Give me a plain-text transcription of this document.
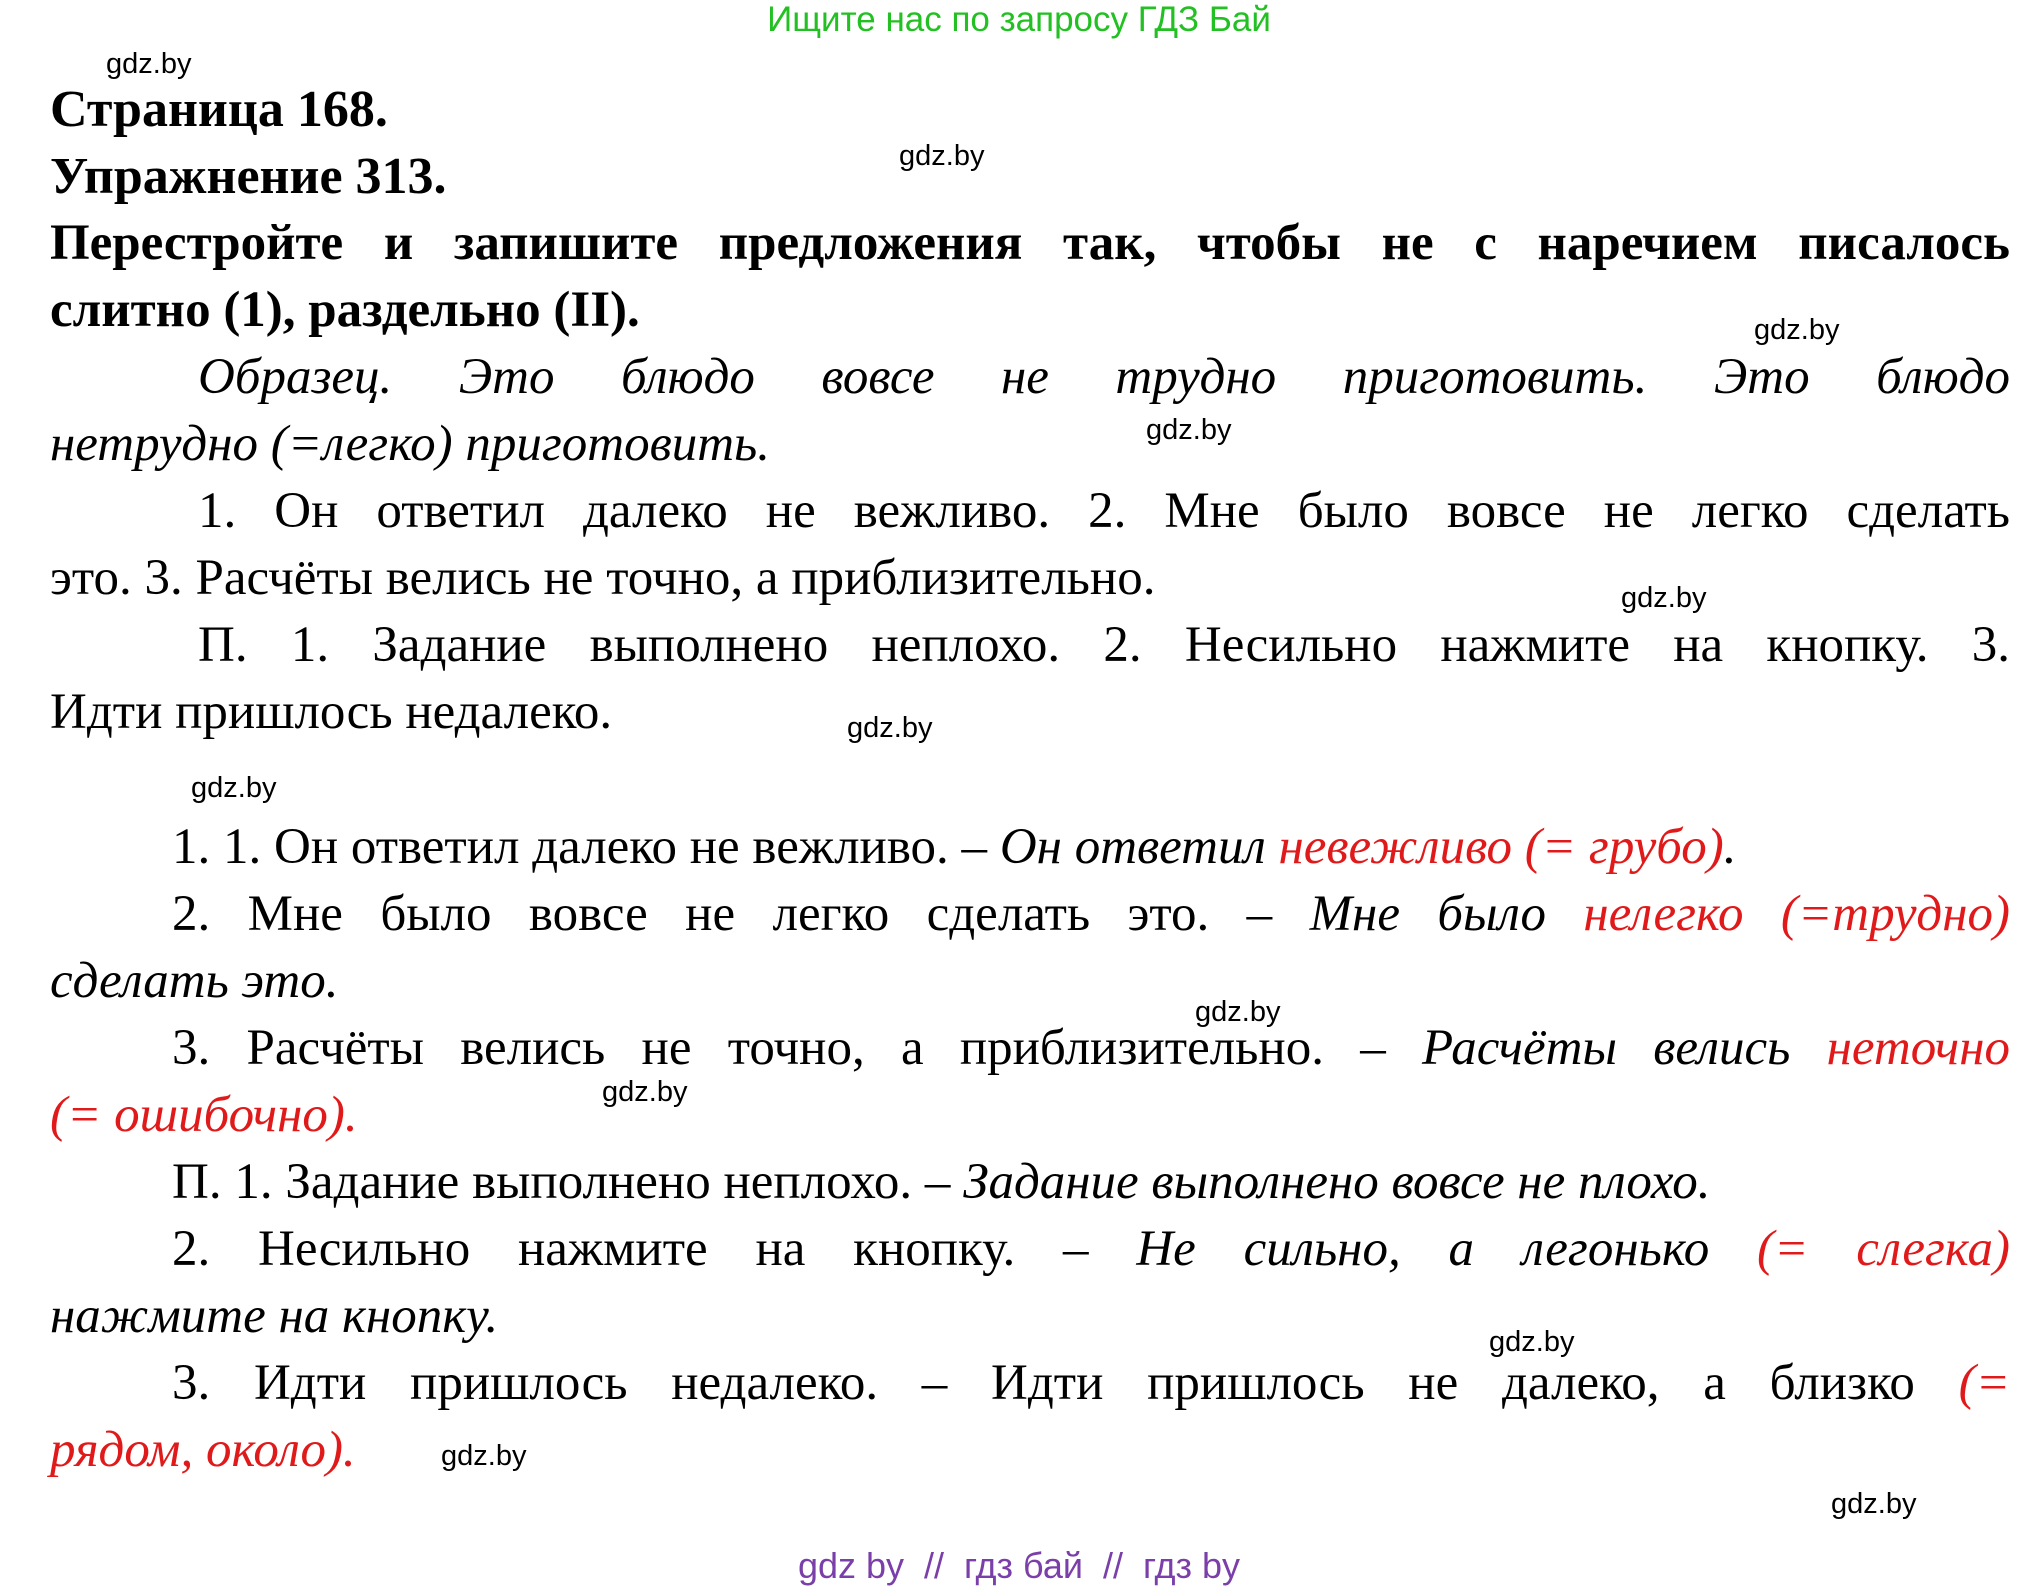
Ищите нас по запросу ГДЗ Бай

Страница 168.

Упражнение 313.

Перестройте и запишите предложения так, чтобы не с наречием писалось

слитно (1), раздельно (II).

Образец. Это блюдо вовсе не трудно приготовить. Это блюдо

нетрудно (=легко) приготовить.

1. Он ответил далеко не вежливо. 2. Мне было вовсе не легко сделать

это. 3. Расчёты велись не точно, а приблизительно.

П. 1. Задание выполнено неплохо. 2. Несильно нажмите на кнопку. 3.

Идти пришлось недалеко.

1. 1. Он ответил далеко не вежливо. – Он ответил невежливо (= грубо).

2. Мне было вовсе не легко сделать это. – Мне было нелегко (=трудно)

сделать это.

3. Расчёты велись не точно, а приблизительно. – Расчёты велись неточно

(= ошибочно).

П. 1. Задание выполнено неплохо. – Задание выполнено вовсе не плохо.

2. Несильно нажмите на кнопку. – Не сильно, а легонько (= слегка)

нажмите на кнопку.

3. Идти пришлось недалеко. – Идти пришлось не далеко, а близко (=

рядом, около).

gdz.by
gdz.by
gdz.by
gdz.by
gdz.by
gdz.by
gdz.by
gdz.by
gdz.by
gdz.by
gdz.by
gdz.by
gdz by  //  гдз бай  //  гдз by
